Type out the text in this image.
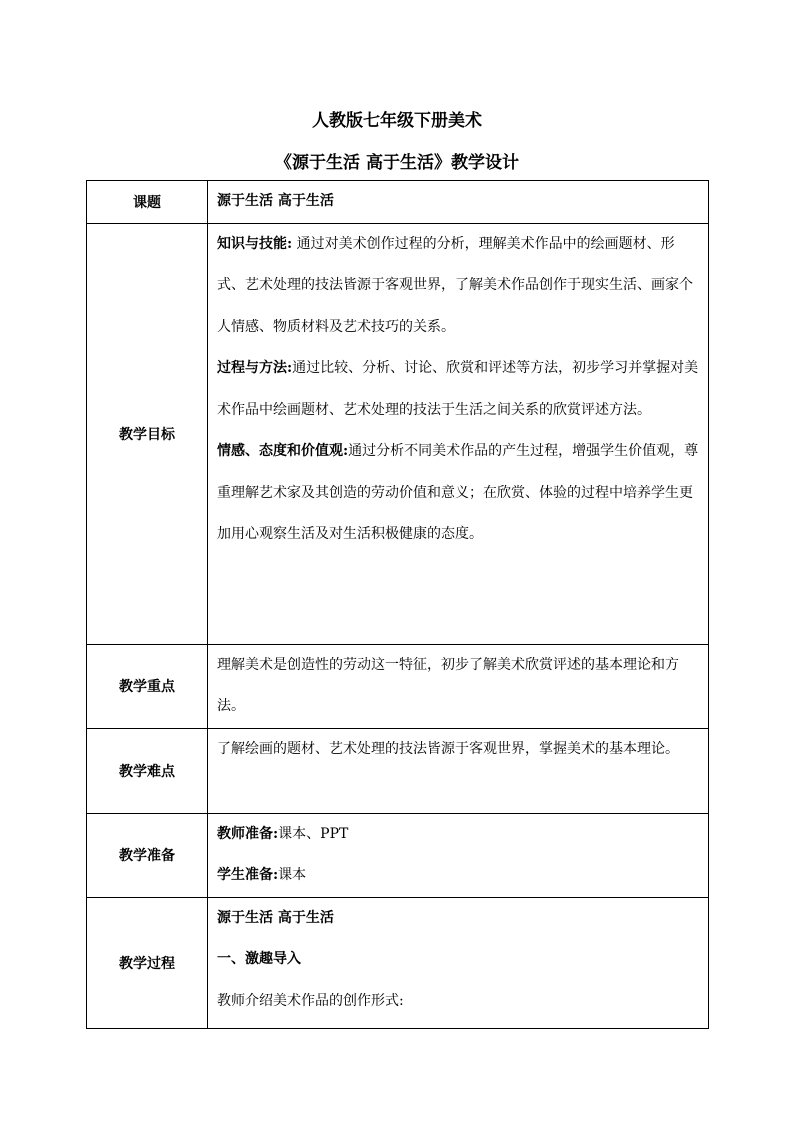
人教版七年级下册美术
《源于生活 高于生活》教学设计
课题	源于生活 高于生活
教学目标	知识与技能: 通过对美术创作过程的分析，理解美术作品中的绘画题材、形式、艺术处理的技法皆源于客观世界，了解美术作品创作于现实生活、画家个人情感、物质材料及艺术技巧的关系。

过程与方法:通过比较、分析、讨论、欣赏和评述等方法，初步学习并掌握对美术作品中绘画题材、艺术处理的技法于生活之间关系的欣赏评述方法。

情感、态度和价值观:通过分析不同美术作品的产生过程，增强学生价值观，尊重理解艺术家及其创造的劳动价值和意义；在欣赏、体验的过程中培养学生更加用心观察生活及对生活积极健康的态度。

教学重点	理解美术是创造性的劳动这一特征，初步了解美术欣赏评述的基本理论和方法。

教学难点	了解绘画的题材、艺术处理的技法皆源于客观世界，掌握美术的基本理论。

教学准备	教师准备:课本、PPT

学生准备:课本

教学过程	源于生活 高于生活

一、激趣导入

教师介绍美术作品的创作形式:
